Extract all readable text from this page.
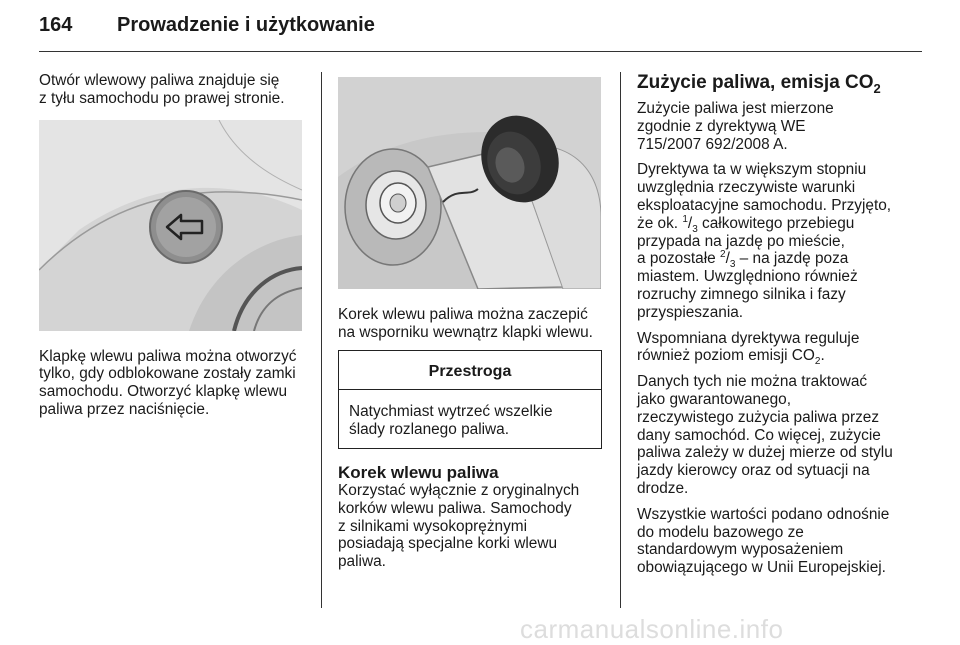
164 Prowadzenie i użytkowanie

Otwór wlewowy paliwa znajduje się
z tyłu samochodu po prawej stronie.

Klapkę wlewu paliwa można otworzyć
tylko, gdy odblokowane zostały zamki
samochodu. Otworzyć klapkę wlewu
paliwa przez naciśnięcie.

Korek wlewu paliwa można zaczepić
na wsporniku wewnątrz klapki wlewu.

Przestroga
Natychmiast wytrzeć wszelkie
ślady rozlanego paliwa.
Korek wlewu paliwa

Korzystać wyłącznie z oryginalnych
korków wlewu paliwa. Samochody
z silnikami wysokoprężnymi
posiadają specjalne korki wlewu
paliwa.

Zużycie paliwa, emisja $CO_2$

Zużycie paliwa jest mierzone
zgodnie z dyrektywą WE
715/2007 692/2008 A.

Dyrektywa ta w większym stopniu
uwzględnia rzeczywiste warunki
eksploatacyjne samochodu. Przyjęto,
że ok. $^1/_3$ całkowitego przebiegu
przypada na jazdę po mieście,
a pozostałe $^2/_3$ – na jazdę poza
miastem. Uwzględniono również
rozruchy zimnego silnika i fazy
przyspieszania.

Wspomniana dyrektywa reguluje
również poziom emisji $CO_2$.

Danych tych nie można traktować
jako gwarantowanego,
rzeczywistego zużycia paliwa przez
dany samochód. Co więcej, zużycie
paliwa zależy w dużej mierze od stylu
jazdy kierowcy oraz od sytuacji na
drodze.

Wszystkie wartości podano odnośnie
do modelu bazowego ze
standardowym wyposażeniem
obowiązującego w Unii Europejskiej.

carmanualsonline.info
